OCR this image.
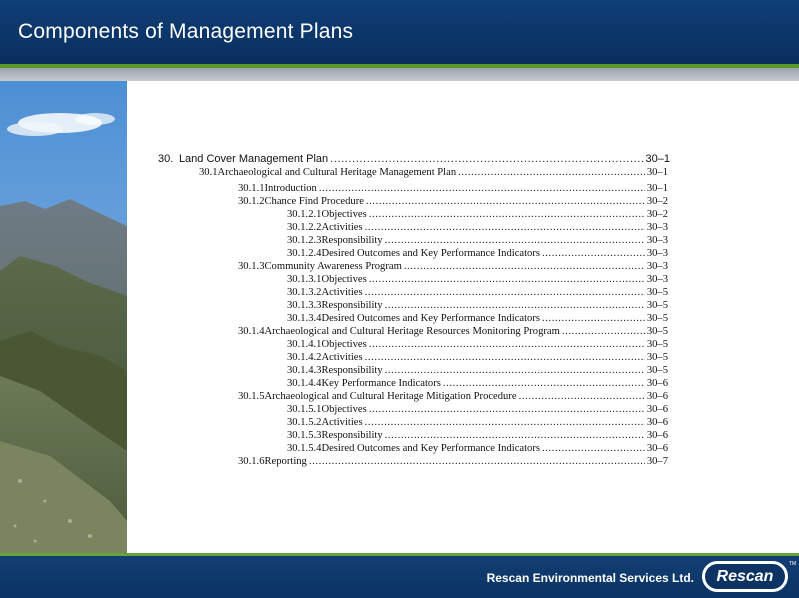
Components of Management Plans
30. Land Cover Management Plan .....	30–1
30.1 Archaeological and Cultural Heritage Management Plan .....	30–1
30.1.1 Introduction .....	30–1
30.1.2 Chance Find Procedure .....	30–2
30.1.2.1 Objectives .....	30–2
30.1.2.2 Activities .....	30–3
30.1.2.3 Responsibility .....	30–3
30.1.2.4 Desired Outcomes and Key Performance Indicators .....	30–3
30.1.3 Community Awareness Program .....	30–3
30.1.3.1 Objectives .....	30–3
30.1.3.2 Activities .....	30–5
30.1.3.3 Responsibility .....	30–5
30.1.3.4 Desired Outcomes and Key Performance Indicators .....	30–5
30.1.4 Archaeological and Cultural Heritage Resources Monitoring Program .....	30–5
30.1.4.1 Objectives .....	30–5
30.1.4.2 Activities .....	30–5
30.1.4.3 Responsibility .....	30–5
30.1.4.4 Key Performance Indicators .....	30–6
30.1.5 Archaeological and Cultural Heritage Mitigation Procedure .....	30–6
30.1.5.1 Objectives .....	30–6
30.1.5.2 Activities .....	30–6
30.1.5.3 Responsibility .....	30–6
30.1.5.4 Desired Outcomes and Key Performance Indicators .....	30–6
30.1.6 Reporting .....	30–7
Rescan Environmental Services Ltd.	Rescan
TM
